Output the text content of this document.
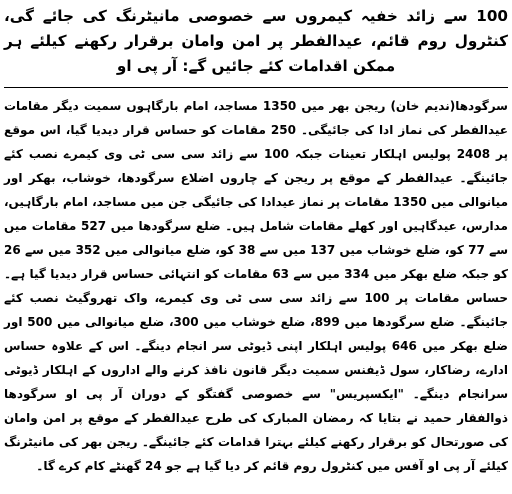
100 سے زائد خفیہ کیمروں سے خصوصی مانیٹرنگ کی جائے گی، کنٹرول روم قائم، عیدالفطر پر امن وامان برقرار رکھنے کیلئے ہر ممکن اقدامات کئے جائیں گے: آر پی او

سرگودھا(ندیم خان) ریجن بھر میں 1350 مساجد، امام بارگاہوں سمیت دیگر مقامات عیدالفطر کی نماز ادا کی جائیگی۔ 250 مقامات کو حساس قرار دیدیا گیا، اس موقع پر 2408 پولیس اہلکار تعینات جبکہ 100 سے زائد سی سی ٹی وی کیمرے نصب کئے جائینگے۔ عیدالفطر کے موقع پر ریجن کے چاروں اضلاع سرگودھا، خوشاب، بھکر اور میانوالی میں 1350 مقامات پر نماز عیدادا کی جائیگی جن میں مساجد، امام بارگاہیں، مدارس، عیدگاہیں اور کھلے مقامات شامل ہیں۔ ضلع سرگودھا میں 527 مقامات میں سے 77 کو، ضلع خوشاب میں 137 میں سے 38 کو، ضلع میانوالی میں 352 میں سے 26 کو جبکہ ضلع بھکر میں 334 میں سے 63 مقامات کو انتہائی حساس قرار دیدیا گیا ہے۔ حساس مقامات پر 100 سے زائد سی سی ٹی وی کیمرے، واک تھروگیٹ نصب کئے جائینگے۔ ضلع سرگودھا میں 899، ضلع خوشاب میں 300، ضلع میانوالی میں 500 اور ضلع بھکر میں 646 پولیس اہلکار اپنی ڈیوٹی سر انجام دینگے۔ اس کے علاوہ حساس ادارے، رضاکار، سول ڈیفنس سمیت دیگر قانون نافذ کرنے والے اداروں کے اہلکار ڈیوٹی سرانجام دینگے۔ "ایکسپریس" سے خصوصی گفتگو کے دوران آر پی او سرگودھا ذوالفقار حمید نے بتایا کہ رمضان المبارک کی طرح عیدالفطر کے موقع پر امن وامان کی صورتحال کو برقرار رکھنے کیلئے بہترا قدامات کئے جائینگے۔ ریجن بھر کی مانیٹرنگ کیلئے آر پی او آفس میں کنٹرول روم قائم کر دیا گیا ہے جو 24 گھنٹے کام کرے گا۔
